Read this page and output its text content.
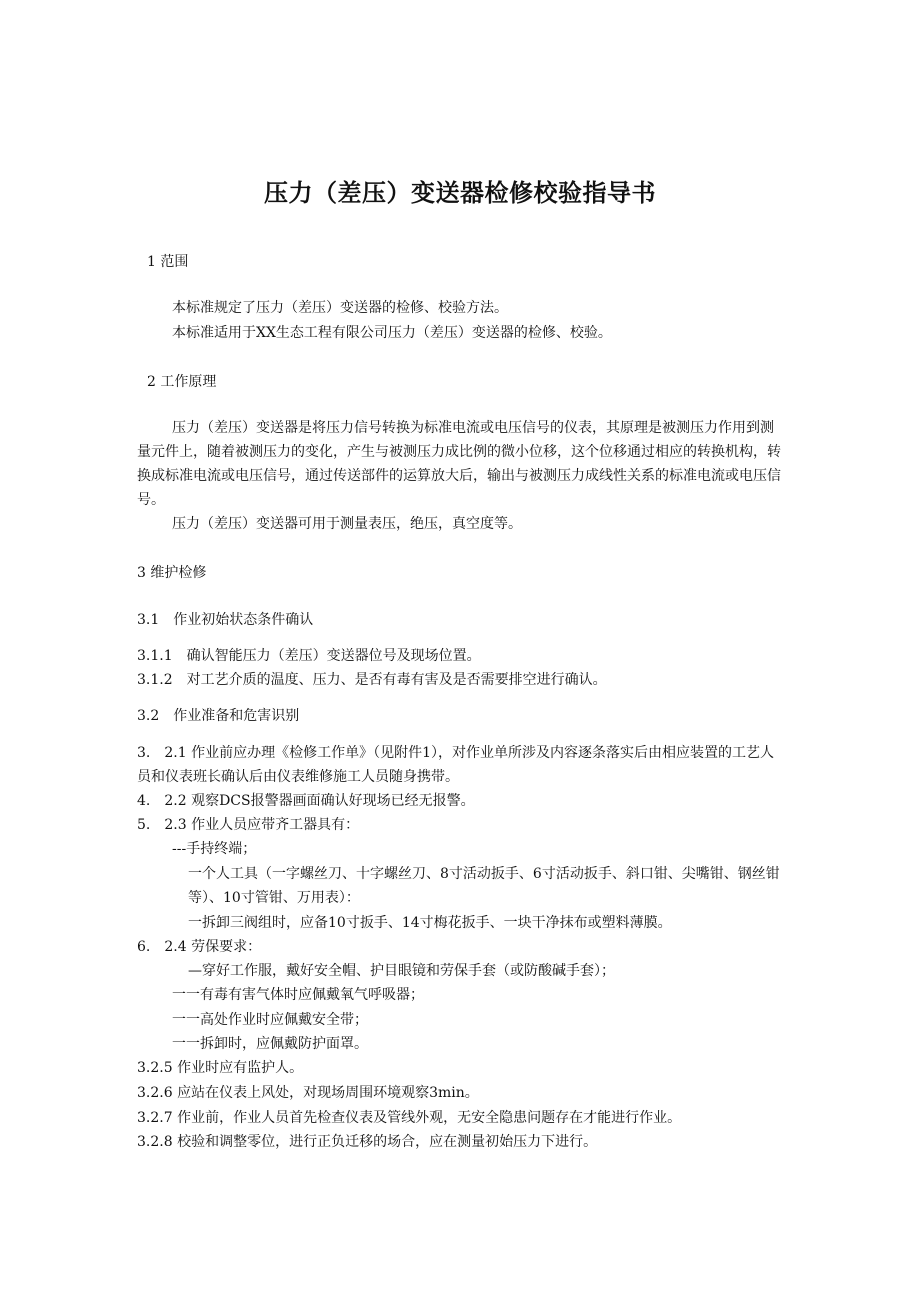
压力（差压）变送器检修校验指导书
1 范围
本标准规定了压力（差压）变送器的检修、校验方法。
本标准适用于XX生态工程有限公司压力（差压）变送器的检修、校验。
2 工作原理
压力（差压）变送器是将压力信号转换为标准电流或电压信号的仪表，其原理是被测压力作用到测量元件上，随着被测压力的变化，产生与被测压力成比例的微小位移，这个位移通过相应的转换机构，转换成标准电流或电压信号，通过传送部件的运算放大后，输出与被测压力成线性关系的标准电流或电压信号。
压力（差压）变送器可用于测量表压，绝压，真空度等。
3 维护检修
3.1　作业初始状态条件确认
3.1.1　确认智能压力（差压）变送器位号及现场位置。
3.1.2　对工艺介质的温度、压力、是否有毒有害及是否需要排空进行确认。
3.2　作业准备和危害识别
3.　2.1 作业前应办理《检修工作单》（见附件1），对作业单所涉及内容逐条落实后由相应装置的工艺人员和仪表班长确认后由仪表维修施工人员随身携带。
4.　2.2 观察DCS报警器画面确认好现场已经无报警。
5.　2.3 作业人员应带齐工器具有：
---手持终端；
一个人工具（一字螺丝刀、十字螺丝刀、8寸活动扳手、6寸活动扳手、斜口钳、尖嘴钳、钢丝钳等）、10寸管钳、万用表）：
一拆卸三阀组时，应备10寸扳手、14寸梅花扳手、一块干净抹布或塑料薄膜。
6.　2.4 劳保要求：
—穿好工作服，戴好安全帽、护目眼镜和劳保手套（或防酸碱手套）；
一一有毒有害气体时应佩戴氧气呼吸器；
一一高处作业时应佩戴安全带；
一一拆卸时，应佩戴防护面罩。
3.2.5 作业时应有监护人。
3.2.6 应站在仪表上风处，对现场周围环境观察3min。
3.2.7 作业前，作业人员首先检查仪表及管线外观，无安全隐患问题存在才能进行作业。
3.2.8 校验和调整零位，进行正负迁移的场合，应在测量初始压力下进行。
